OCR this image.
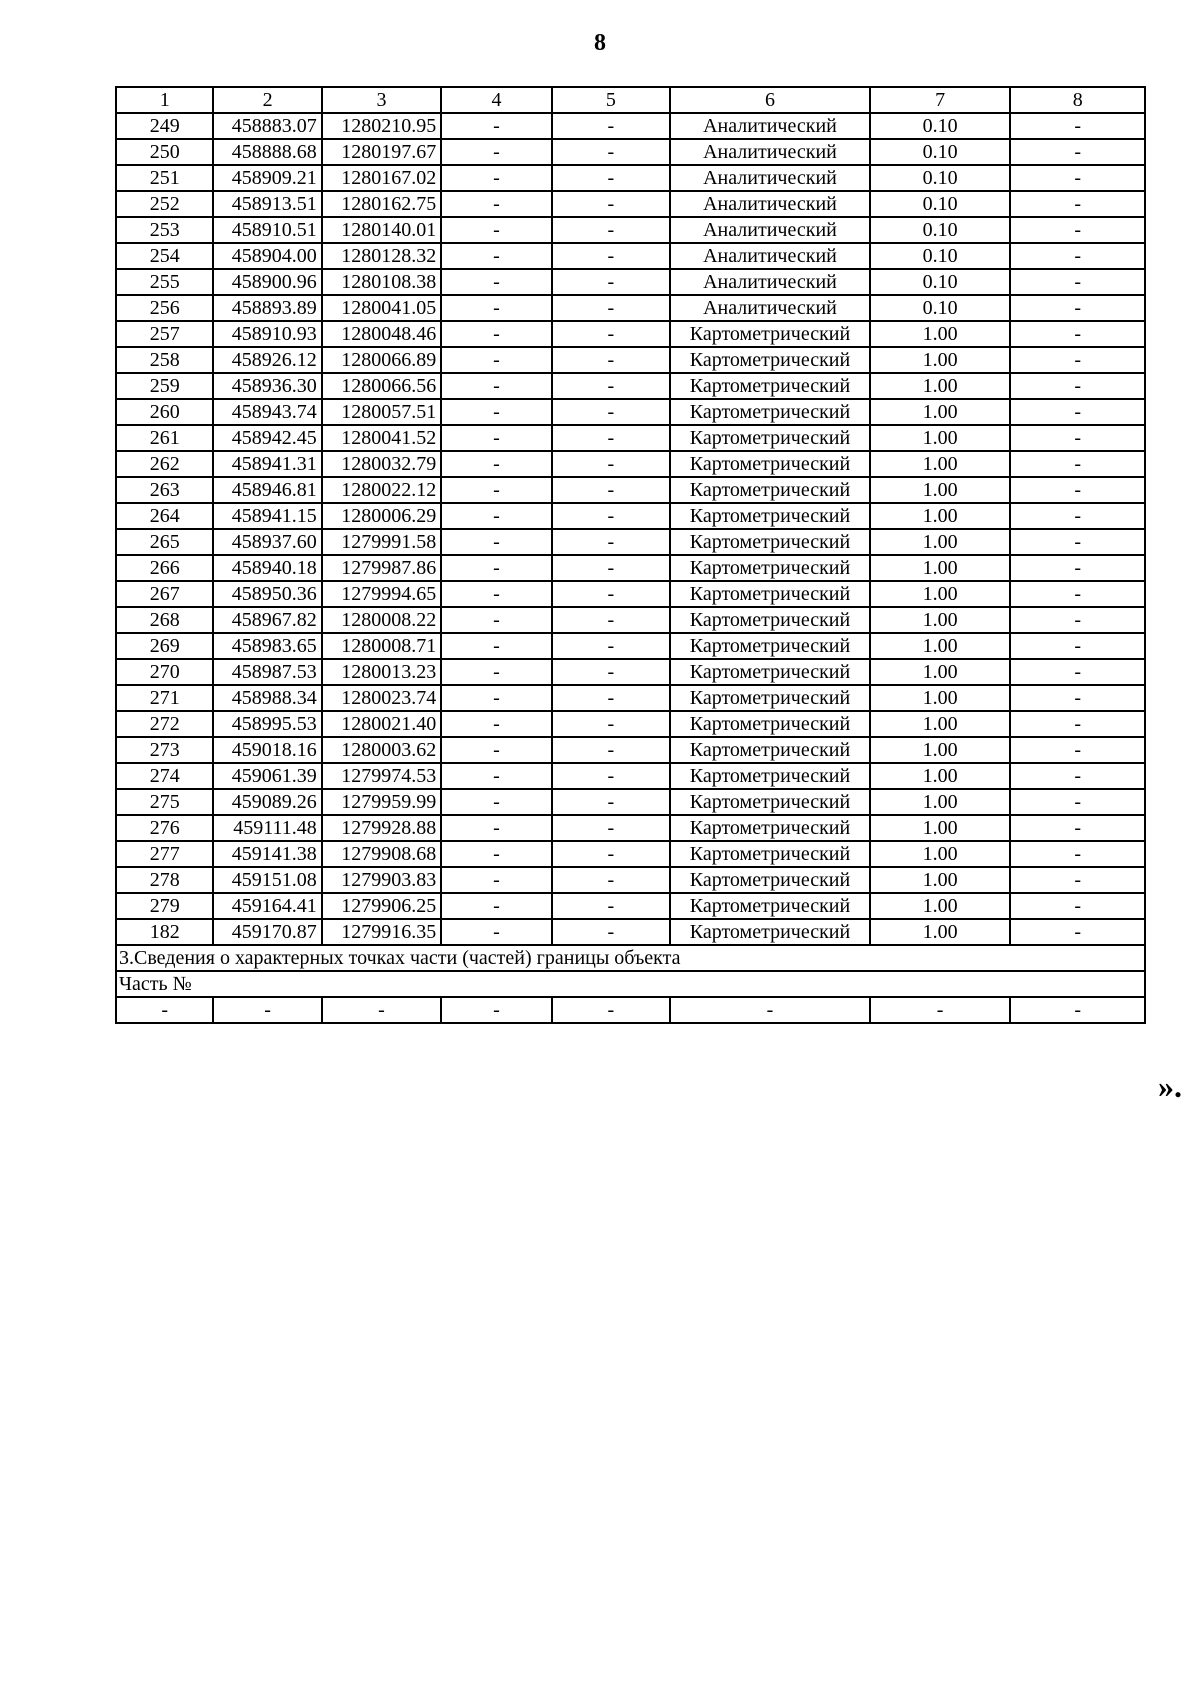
8
1	2	3	4	5	6	7	8
249	458883.07	1280210.95	-	-	Аналитический	0.10	-
250	458888.68	1280197.67	-	-	Аналитический	0.10	-
251	458909.21	1280167.02	-	-	Аналитический	0.10	-
252	458913.51	1280162.75	-	-	Аналитический	0.10	-
253	458910.51	1280140.01	-	-	Аналитический	0.10	-
254	458904.00	1280128.32	-	-	Аналитический	0.10	-
255	458900.96	1280108.38	-	-	Аналитический	0.10	-
256	458893.89	1280041.05	-	-	Аналитический	0.10	-
257	458910.93	1280048.46	-	-	Картометрический	1.00	-
258	458926.12	1280066.89	-	-	Картометрический	1.00	-
259	458936.30	1280066.56	-	-	Картометрический	1.00	-
260	458943.74	1280057.51	-	-	Картометрический	1.00	-
261	458942.45	1280041.52	-	-	Картометрический	1.00	-
262	458941.31	1280032.79	-	-	Картометрический	1.00	-
263	458946.81	1280022.12	-	-	Картометрический	1.00	-
264	458941.15	1280006.29	-	-	Картометрический	1.00	-
265	458937.60	1279991.58	-	-	Картометрический	1.00	-
266	458940.18	1279987.86	-	-	Картометрический	1.00	-
267	458950.36	1279994.65	-	-	Картометрический	1.00	-
268	458967.82	1280008.22	-	-	Картометрический	1.00	-
269	458983.65	1280008.71	-	-	Картометрический	1.00	-
270	458987.53	1280013.23	-	-	Картометрический	1.00	-
271	458988.34	1280023.74	-	-	Картометрический	1.00	-
272	458995.53	1280021.40	-	-	Картометрический	1.00	-
273	459018.16	1280003.62	-	-	Картометрический	1.00	-
274	459061.39	1279974.53	-	-	Картометрический	1.00	-
275	459089.26	1279959.99	-	-	Картометрический	1.00	-
276	459111.48	1279928.88	-	-	Картометрический	1.00	-
277	459141.38	1279908.68	-	-	Картометрический	1.00	-
278	459151.08	1279903.83	-	-	Картометрический	1.00	-
279	459164.41	1279906.25	-	-	Картометрический	1.00	-
182	459170.87	1279916.35	-	-	Картометрический	1.00	-
3.Сведения о характерных точках части (частей) границы объекта							
Часть №							
-	-	-	-	-	-	-	-
».
